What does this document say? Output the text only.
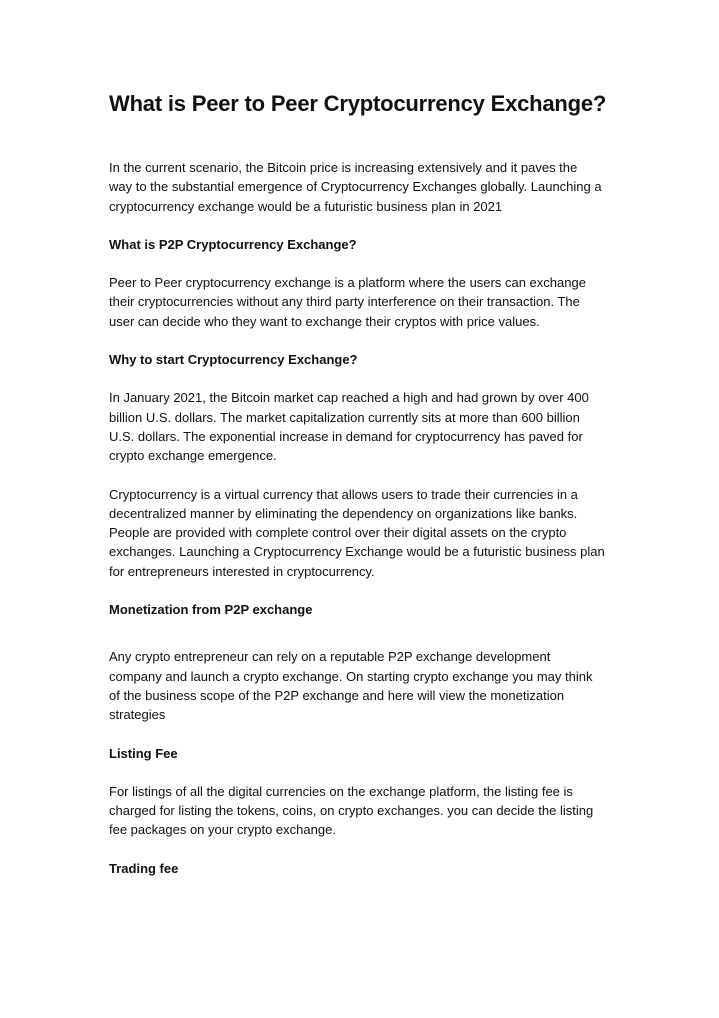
What is Peer to Peer Cryptocurrency Exchange?

In the current scenario, the Bitcoin price is increasing extensively and it paves the
way to the substantial emergence of Cryptocurrency Exchanges globally. Launching a
cryptocurrency exchange would be a futuristic business plan in 2021

What is P2P Cryptocurrency Exchange?

Peer to Peer cryptocurrency exchange is a platform where the users can exchange
their cryptocurrencies without any third party interference on their transaction. The
user can decide who they want to exchange their cryptos with price values.

Why to start Cryptocurrency Exchange?

In January 2021, the Bitcoin market cap reached a high and had grown by over 400
billion U.S. dollars. The market capitalization currently sits at more than 600 billion
U.S. dollars. The exponential increase in demand for cryptocurrency has paved for
crypto exchange emergence.

Cryptocurrency is a virtual currency that allows users to trade their currencies in a
decentralized manner by eliminating the dependency on organizations like banks.
People are provided with complete control over their digital assets on the crypto
exchanges. Launching a Cryptocurrency Exchange would be a futuristic business plan
for entrepreneurs interested in cryptocurrency.

Monetization from P2P exchange

Any crypto entrepreneur can rely on a reputable P2P exchange development
company and launch a crypto exchange. On starting crypto exchange you may think
of the business scope of the P2P exchange and here will view the monetization
strategies

Listing Fee

For listings of all the digital currencies on the exchange platform, the listing fee is
charged for listing the tokens, coins, on crypto exchanges. you can decide the listing
fee packages on your crypto exchange.

Trading fee
